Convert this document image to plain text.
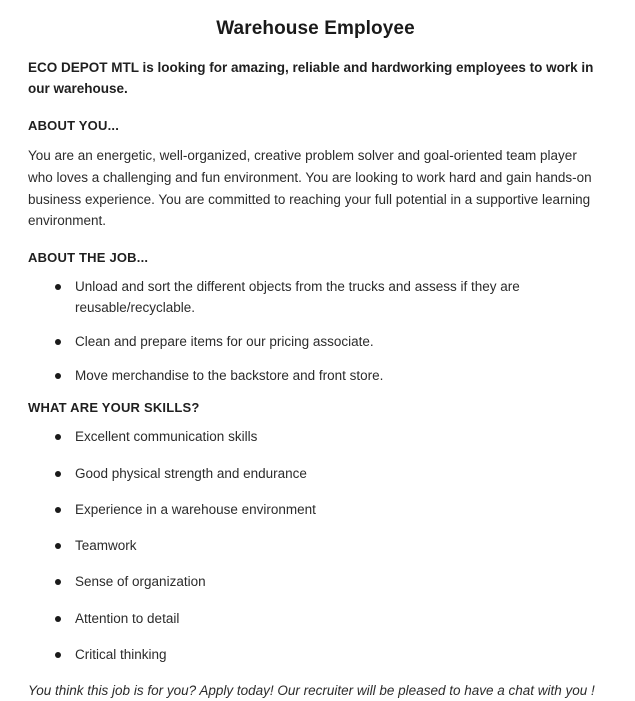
Warehouse Employee

ECO DEPOT MTL is looking for amazing, reliable and hardworking employees to work in our warehouse.

ABOUT YOU...

You are an energetic, well-organized, creative problem solver and goal-oriented team player who loves a challenging and fun environment. You are looking to work hard and gain hands-on business experience. You are committed to reaching your full potential in a supportive learning environment.

ABOUT THE JOB...
Unload and sort the different objects from the trucks and assess if they are reusable/recyclable.
Clean and prepare items for our pricing associate.
Move merchandise to the backstore and front store.
WHAT ARE YOUR SKILLS?
Excellent communication skills
Good physical strength and endurance
Experience in a warehouse environment
Teamwork
Sense of organization
Attention to detail
Critical thinking

You think this job is for you? Apply today! Our recruiter will be pleased to have a chat with you !
